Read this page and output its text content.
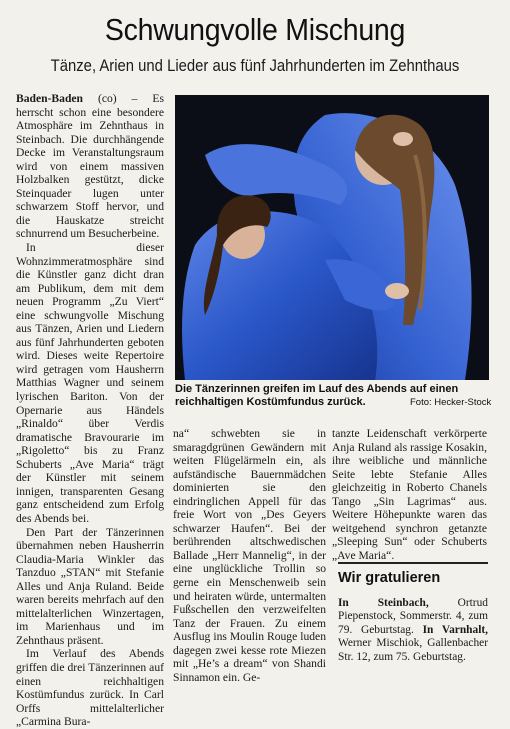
Schwungvolle Mischung
Tänze, Arien und Lieder aus fünf Jahrhunderten im Zehnthaus

Baden-Baden (co) – Es herrscht schon eine besondere Atmosphäre im Zehnthaus in Steinbach. Die durchhängende Decke im Veranstaltungsraum wird von einem massiven Holzbalken gestützt, dicke Steinquader lugen unter schwarzem Stoff hervor, und die Hauskatze streicht schnurrend um Besucherbeine.

In dieser Wohnzimmeratmosphäre sind die Künstler ganz dicht dran am Publikum, dem mit dem neuen Programm „Zu Viert“ eine schwungvolle Mischung aus Tänzen, Arien und Liedern aus fünf Jahrhunderten geboten wird. Dieses weite Repertoire wird getragen vom Hausherrn Matthias Wagner und seinem lyrischen Bariton. Von der Opernarie aus Händels „Rinaldo“ über Verdis dramatische Bravourarie im „Rigoletto“ bis zu Franz Schuberts „Ave Maria“ trägt der Künstler mit seinem innigen, transparenten Gesang ganz entscheidend zum Erfolg des Abends bei.

Den Part der Tänzerinnen übernahmen neben Hausherrin Claudia-Maria Winkler das Tanzduo „STAN“ mit Stefanie Alles und Anja Ruland. Beide waren bereits mehrfach auf den mittelalterlichen Winzertagen, im Marienhaus und im Zehnthaus präsent.

Im Verlauf des Abends griffen die drei Tänzerinnen auf einen reichhaltigen Kostümfundus zurück. In Carl Orffs mittelalterlicher „Carmina Bura-

Die Tänzerinnen greifen im Lauf des Abends auf einen reichhaltigen Kostümfundus zurück.	Foto: Hecker-Stock

na“ schwebten sie in smaragdgrünen Gewändern mit weiten Flügelärmeln ein, als aufständische Bauernmädchen dominierten sie den eindringlichen Appell für das freie Wort von „Des Geyers schwarzer Haufen“. Bei der berührenden altschwedischen Ballade „Herr Mannelig“, in der eine unglückliche Trollin so gerne ein Menschenweib sein und heiraten würde, untermalten Fußschellen den verzweifelten Tanz der Frauen. Zu einem Ausflug ins Moulin Rouge luden dagegen zwei kesse rote Miezen mit „He’s a dream“ von Shandi Sinnamon ein. Ge-

tanzte Leidenschaft verkörperte Anja Ruland als rassige Kosakin, ihre weibliche und männliche Seite lebte Stefanie Alles gleichzeitig in Roberto Chanels Tango „Sin Lagrimas“ aus. Weitere Höhepunkte waren das weitgehend synchron getanzte „Sleeping Sun“ oder Schuberts „Ave Maria“.

Wir gratulieren
In Steinbach, Ortrud Piepenstock, Sommerstr. 4, zum 79. Geburtstag. In Varnhalt, Werner Mischiok, Gallenbacher Str. 12, zum 75. Geburtstag.
